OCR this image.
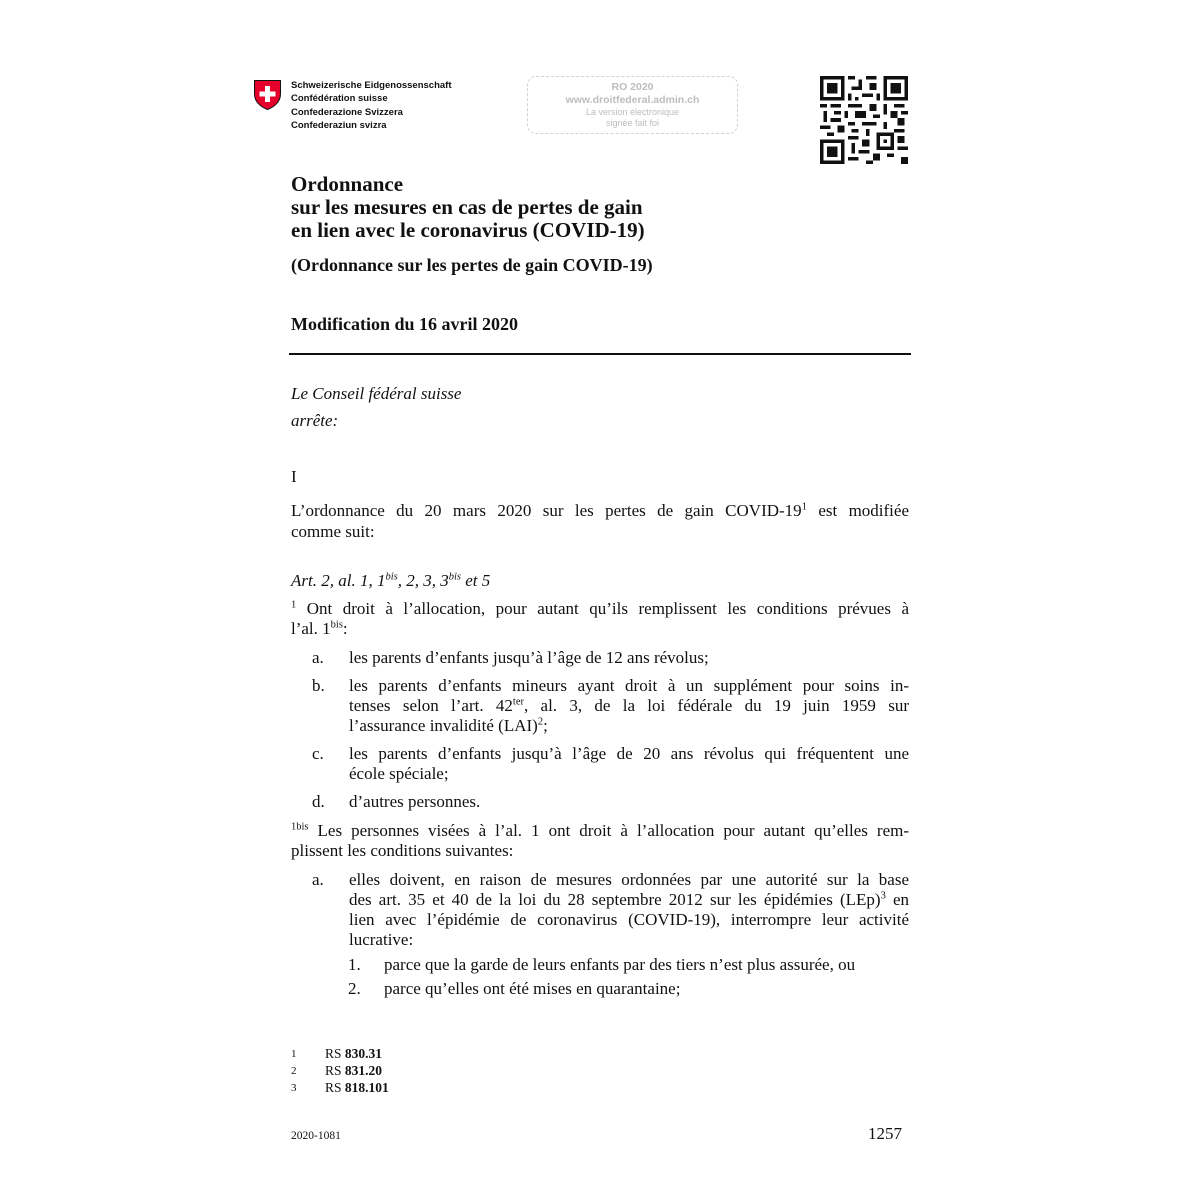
Schweizerische Eidgenossenschaft
Confédération suisse
Confederazione Svizzera
Confederaziun svizra
RO 2020
www.droitfederal.admin.ch
La version électronique
signée fait foi
Ordonnance
sur les mesures en cas de pertes de gain
en lien avec le coronavirus (COVID-19)
(Ordonnance sur les pertes de gain COVID-19)
Modification du 16 avril 2020
Le Conseil fédéral suisse
arrête:
I
L’ordonnance du 20 mars 2020 sur les pertes de gain COVID-$19^1$ est modifiée
comme suit:
Art. 2, al. 1, $1^{bis}$, 2, 3, $3^{bis}$ et 5
$^1$ Ont droit à l’allocation, pour autant qu’ils remplissent les conditions prévues à
l’al. $1^{bis}$:
a. les parents d’enfants jusqu’à l’âge de 12 ans révolus;
b. les parents d’enfants mineurs ayant droit à un supplément pour soins in-
tenses selon l’art. $42^{ter}$, al. 3, de la loi fédérale du 19 juin 1959 sur
l’assurance invalidité (LAI)$^2$;
c. les parents d’enfants jusqu’à l’âge de 20 ans révolus qui fréquentent une
école spéciale;
d. d’autres personnes.
$^{1bis}$ Les personnes visées à l’al. 1 ont droit à l’allocation pour autant qu’elles rem-
plissent les conditions suivantes:
a. elles doivent, en raison de mesures ordonnées par une autorité sur la base
des art. 35 et 40 de la loi du 28 septembre 2012 sur les épidémies (LEp)$^3$ en
lien avec l’épidémie de coronavirus (COVID-19), interrompre leur activité
lucrative:
1. parce que la garde de leurs enfants par des tiers n’est plus assurée, ou
2. parce qu’elles ont été mises en quarantaine;
1 RS 830.31
2 RS 831.20
3 RS 818.101
2020-1081	1257
